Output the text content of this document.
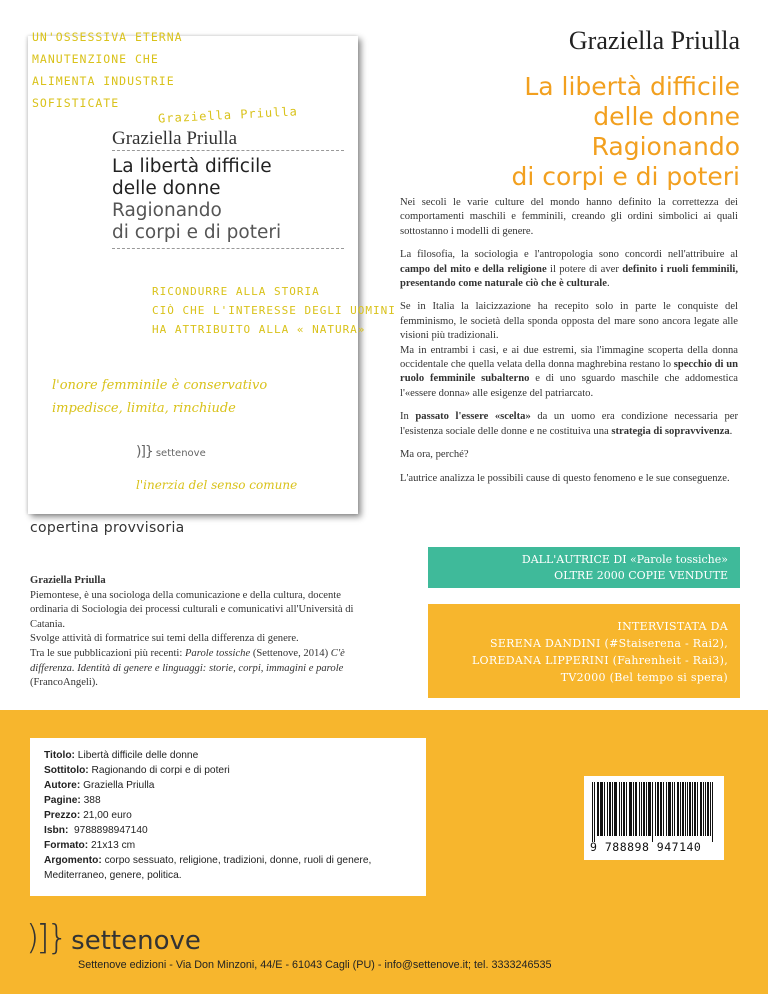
UN'OSSESSIVA ETERNA
MANUTENZIONE CHE
ALIMENTA INDUSTRIE
SOFISTICATE
Graziella Priulla
Graziella Priulla
La libertà difficile
delle donne
Ragionando
di corpi e di poteri
RICONDURRE ALLA STORIA
CIÒ CHE L'INTERESSE DEGLI UOMINI
HA ATTRIBUITO ALLA « NATURA»
l'onore femminile è conservativo
impedisce, limita, rinchiude
)]} settenove
l'inerzia del senso comune
copertina provvisoria
Graziella Priulla
La libertà difficile
delle donne
Ragionando
di corpi e di poteri

Nei secoli le varie culture del mondo hanno definito la correttezza dei comportamenti maschili e femminili, creando gli ordini simbolici ai quali sottostanno i modelli di genere.

La filosofia, la sociologia e l'antropologia sono concordi nell'attribuire al campo del mito e della religione il potere di aver definito i ruoli femminili, presentando come naturale ciò che è culturale.

Se in Italia la laicizzazione ha recepito solo in parte le conquiste del femminismo, le società della sponda opposta del mare sono ancora legate alle visioni più tradizionali.

Ma in entrambi i casi, e ai due estremi, sia l'immagine scoperta della donna occidentale che quella velata della donna maghrebina restano lo specchio di un ruolo femminile subalterno e di uno sguardo maschile che addomestica l'«essere donna» alle esigenze del patriarcato.

In passato l'essere «scelta» da un uomo era condizione necessaria per l'esistenza sociale delle donne e ne costituiva una strategia di sopravvivenza.

Ma ora, perché?

L'autrice analizza le possibili cause di questo fenomeno e le sue conseguenze.

DALL'AUTRICE DI «Parole tossiche»
OLTRE 2000 COPIE VENDUTE
INTERVISTATA DA
SERENA DANDINI (#Staiserena - Rai2),
LOREDANA LIPPERINI (Fahrenheit - Rai3),
TV2000 (Bel tempo si spera)
Graziella Priulla
Piemontese, è una sociologa della comunicazione e della cultura, docente ordinaria di Sociologia dei processi culturali e comunicativi all'Università di Catania.
Svolge attività di formatrice sui temi della differenza di genere.
Tra le sue pubblicazioni più recenti: Parole tossiche (Settenove, 2014) C'è differenza. Identità di genere e linguaggi: storie, corpi, immagini e parole (FrancoAngeli).
Titolo: Libertà difficile delle donne
Sottitolo: Ragionando di corpi e di poteri
Autore: Graziella Priulla
Pagine: 388
Prezzo: 21,00 euro
Isbn: 9788898947140
Formato: 21x13 cm
Argomento: corpo sessuato, religione, tradizioni, donne, ruoli di genere, Mediterraneo, genere, politica.
9 788898 947140
)]} settenove
Settenove edizioni - Via Don Minzoni, 44/E - 61043 Cagli (PU) - info@settenove.it; tel. 3333246535
